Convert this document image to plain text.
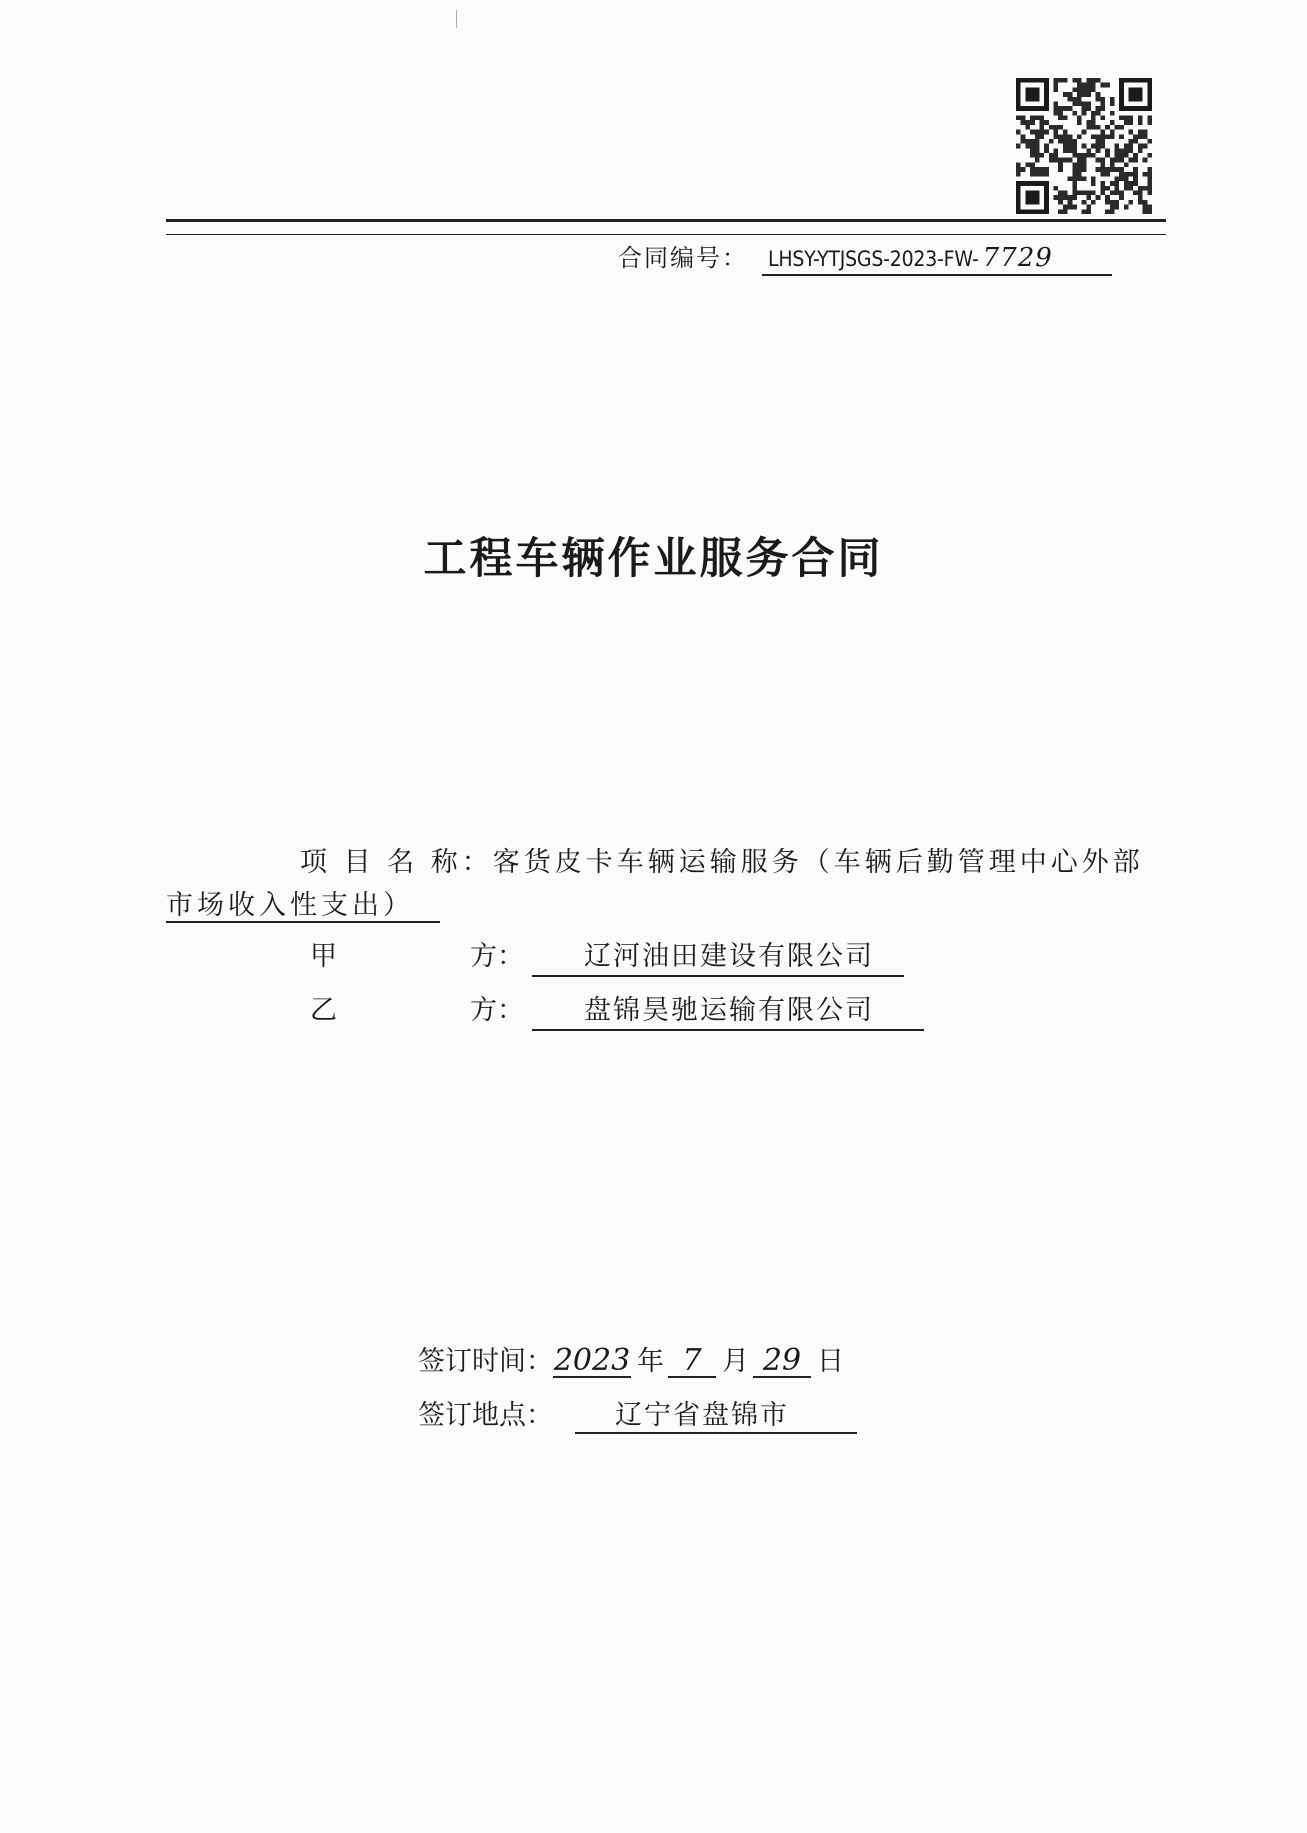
合同编号： LHSY-YTJSGS-2023-FW- 7729
工程车辆作业服务合同
项 目 名 称：客货皮卡车辆运输服务（车辆后勤管理中心外部
市场收入性支出）
甲	方：	辽河油田建设有限公司
乙	方：	盘锦昊驰运输有限公司
签订时间： 2023 年 7 月 29 日
签订地点：	辽宁省盘锦市
